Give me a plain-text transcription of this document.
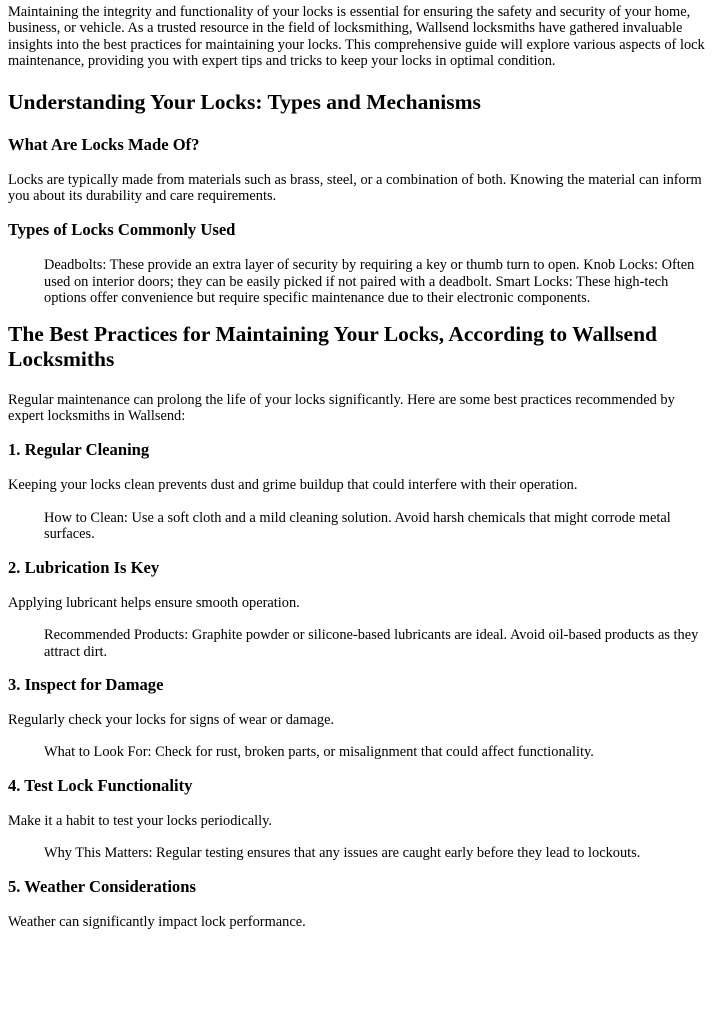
Maintaining the integrity and functionality of your locks is essential for ensuring the safety and security of your home, business, or vehicle. As a trusted resource in the field of locksmithing, Wallsend locksmiths have gathered invaluable insights into the best practices for maintaining your locks. This comprehensive guide will explore various aspects of lock maintenance, providing you with expert tips and tricks to keep your locks in optimal condition.

Understanding Your Locks: Types and Mechanisms
What Are Locks Made Of?

Locks are typically made from materials such as brass, steel, or a combination of both. Knowing the material can inform you about its durability and care requirements.

Types of Locks Commonly Used
Deadbolts: These provide an extra layer of security by requiring a key or thumb turn to open. Knob Locks: Often used on interior doors; they can be easily picked if not paired with a deadbolt. Smart Locks: These high-tech options offer convenience but require specific maintenance due to their electronic components.
The Best Practices for Maintaining Your Locks, According to Wallsend Locksmiths

Regular maintenance can prolong the life of your locks significantly. Here are some best practices recommended by expert locksmiths in Wallsend:

1. Regular Cleaning

Keeping your locks clean prevents dust and grime buildup that could interfere with their operation.

How to Clean: Use a soft cloth and a mild cleaning solution. Avoid harsh chemicals that might corrode metal surfaces.
2. Lubrication Is Key

Applying lubricant helps ensure smooth operation.

Recommended Products: Graphite powder or silicone-based lubricants are ideal. Avoid oil-based products as they attract dirt.
3. Inspect for Damage

Regularly check your locks for signs of wear or damage.

What to Look For: Check for rust, broken parts, or misalignment that could affect functionality.
4. Test Lock Functionality

Make it a habit to test your locks periodically.

Why This Matters: Regular testing ensures that any issues are caught early before they lead to lockouts.
5. Weather Considerations

Weather can significantly impact lock performance.
